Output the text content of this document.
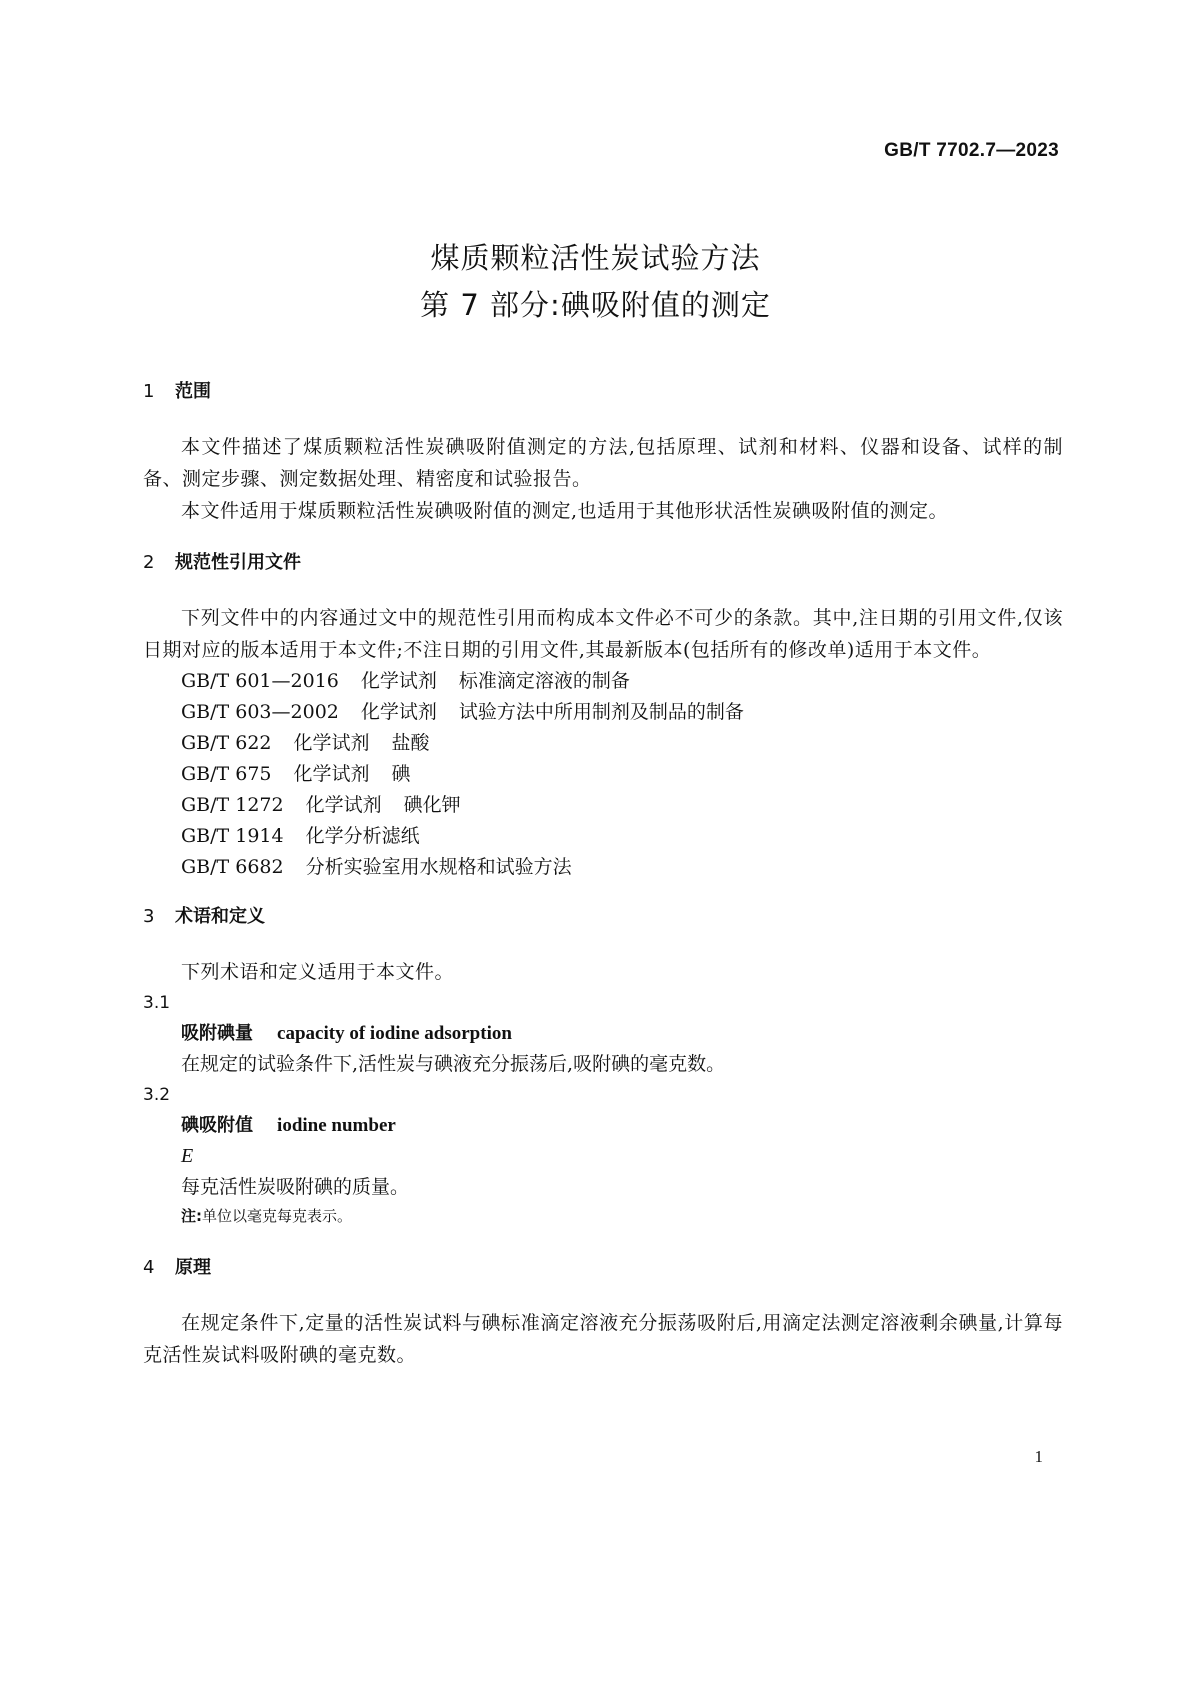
GB/T 7702.7—2023
煤质颗粒活性炭试验方法
第 7 部分:碘吸附值的测定
1	范围
本文件描述了煤质颗粒活性炭碘吸附值测定的方法,包括原理、试剂和材料、仪器和设备、试样的制备、测定步骤、测定数据处理、精密度和试验报告。
本文件适用于煤质颗粒活性炭碘吸附值的测定,也适用于其他形状活性炭碘吸附值的测定。
2	规范性引用文件
下列文件中的内容通过文中的规范性引用而构成本文件必不可少的条款。其中,注日期的引用文件,仅该日期对应的版本适用于本文件;不注日期的引用文件,其最新版本(包括所有的修改单)适用于本文件。
GB/T 601—2016 化学试剂 标准滴定溶液的制备
GB/T 603—2002 化学试剂 试验方法中所用制剂及制品的制备
GB/T 622 化学试剂 盐酸
GB/T 675 化学试剂 碘
GB/T 1272 化学试剂 碘化钾
GB/T 1914 化学分析滤纸
GB/T 6682 分析实验室用水规格和试验方法
3	术语和定义
下列术语和定义适用于本文件。
3.1
吸附碘量 capacity of iodine adsorption
在规定的试验条件下,活性炭与碘液充分振荡后,吸附碘的毫克数。
3.2
碘吸附值 iodine number
E
每克活性炭吸附碘的质量。
注:单位以毫克每克表示。
4	原理
在规定条件下,定量的活性炭试料与碘标准滴定溶液充分振荡吸附后,用滴定法测定溶液剩余碘量,计算每克活性炭试料吸附碘的毫克数。
1
